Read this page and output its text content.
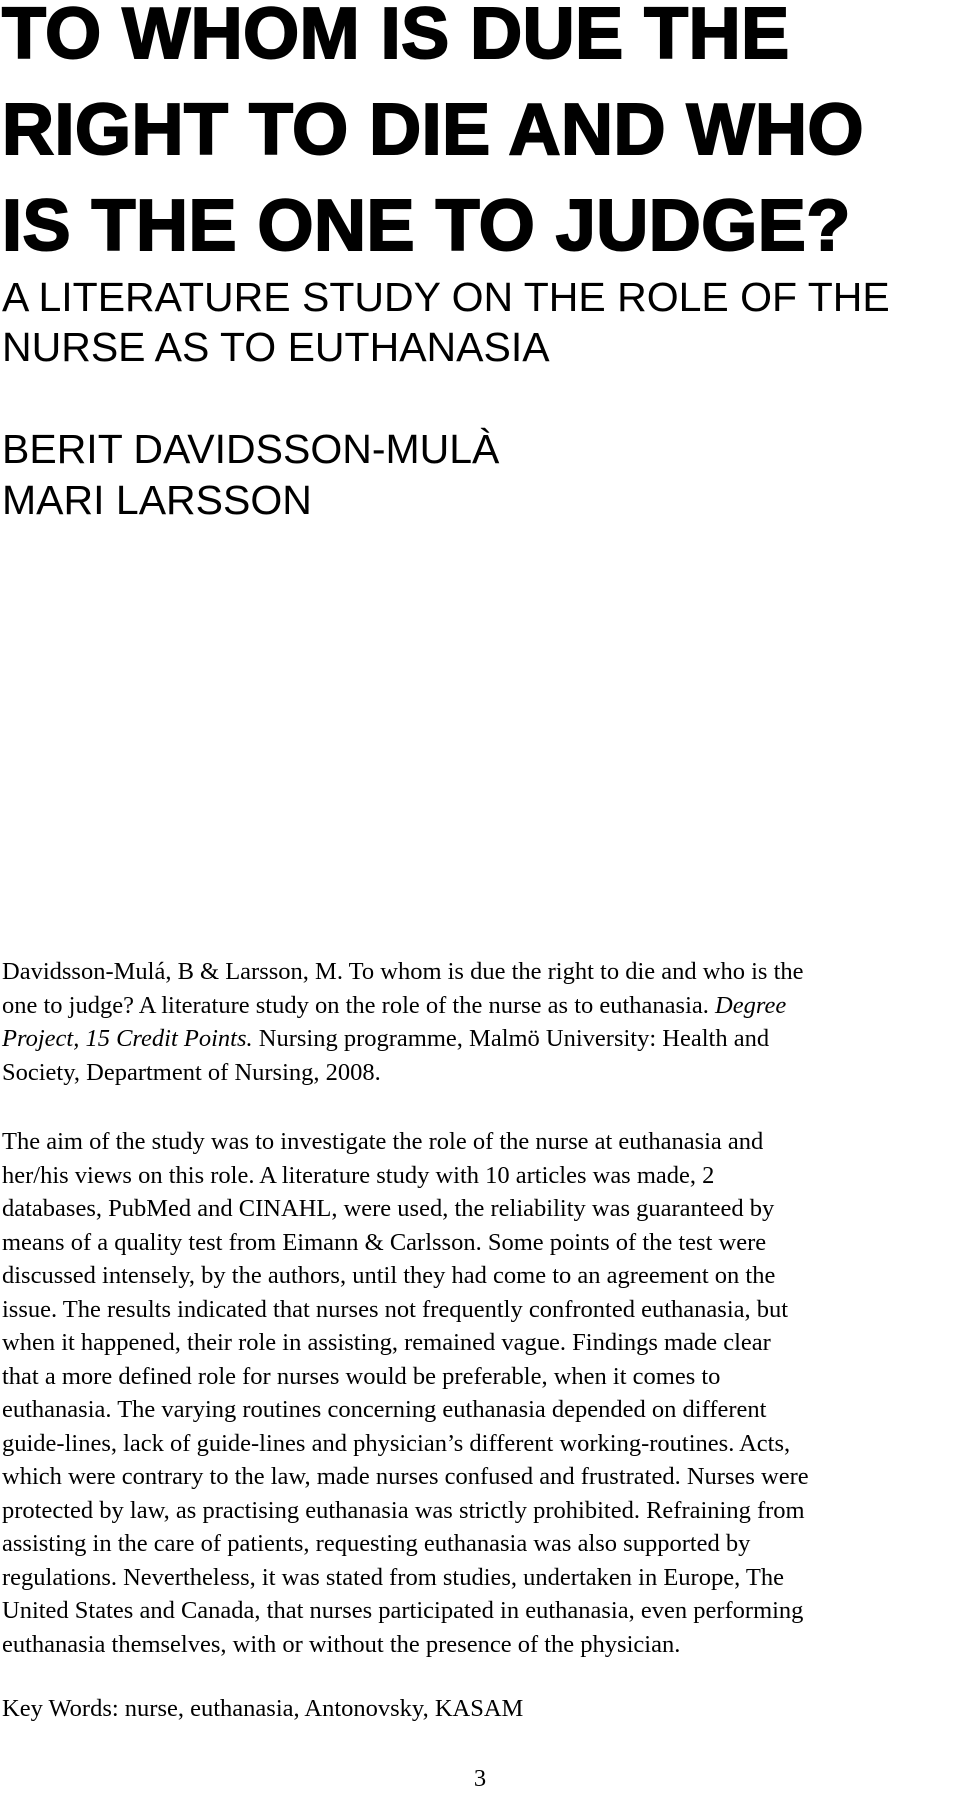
TO WHOM IS DUE THE
RIGHT TO DIE AND WHO
IS THE ONE TO JUDGE?
A LITERATURE STUDY ON THE ROLE OF THE
NURSE AS TO EUTHANASIA
BERIT DAVIDSSON-MULÀ
MARI LARSSON

Davidsson-Mulá, B & Larsson, M. To whom is due the right to die and who is the
one to judge? A literature study on the role of the nurse as to euthanasia. Degree
Project, 15 Credit Points. Nursing programme, Malmö University: Health and
Society, Department of Nursing, 2008.

The aim of the study was to investigate the role of the nurse at euthanasia and
her/his views on this role. A literature study with 10 articles was made, 2
databases, PubMed and CINAHL, were used, the reliability was guaranteed by
means of a quality test from Eimann & Carlsson. Some points of the test were
discussed intensely, by the authors, until they had come to an agreement on the
issue. The results indicated that nurses not frequently confronted euthanasia, but
when it happened, their role in assisting, remained vague. Findings made clear
that a more defined role for nurses would be preferable, when it comes to
euthanasia. The varying routines concerning euthanasia depended on different
guide-lines, lack of guide-lines and physician’s different working-routines. Acts,
which were contrary to the law, made nurses confused and frustrated. Nurses were
protected by law, as practising euthanasia was strictly prohibited. Refraining from
assisting in the care of patients, requesting euthanasia was also supported by
regulations. Nevertheless, it was stated from studies, undertaken in Europe, The
United States and Canada, that nurses participated in euthanasia, even performing
euthanasia themselves, with or without the presence of the physician.

Key Words: nurse, euthanasia, Antonovsky, KASAM

3
